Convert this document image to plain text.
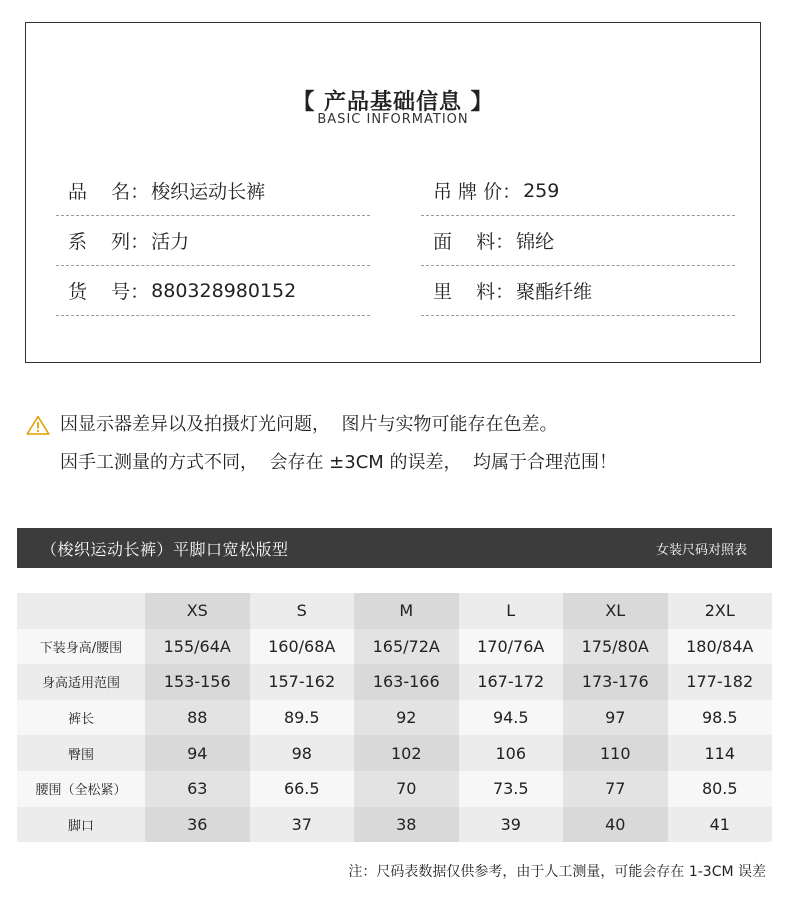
【 产品基础信息 】
BASIC INFORMATION
品    名： 梭织运动长裤	吊 牌 价： 259
系    列： 活力	面    料： 锦纶
货    号： 880328980152	里    料： 聚酯纤维
因显示器差异以及拍摄灯光问题，  图片与实物可能存在色差。
因手工测量的方式不同，  会存在 ±3CM 的误差，  均属于合理范围！
（梭织运动长裤）平脚口宽松版型	女装尺码对照表
	XS	S	M	L	XL	2XL
下装身高/腰围	155/64A	160/68A	165/72A	170/76A	175/80A	180/84A
身高适用范围	153-156	157-162	163-166	167-172	173-176	177-182
裤长	88	89.5	92	94.5	97	98.5
臀围	94	98	102	106	110	114
腰围（全松紧）	63	66.5	70	73.5	77	80.5
脚口	36	37	38	39	40	41
注：尺码表数据仅供参考，由于人工测量，可能会存在 1-3CM 误差
